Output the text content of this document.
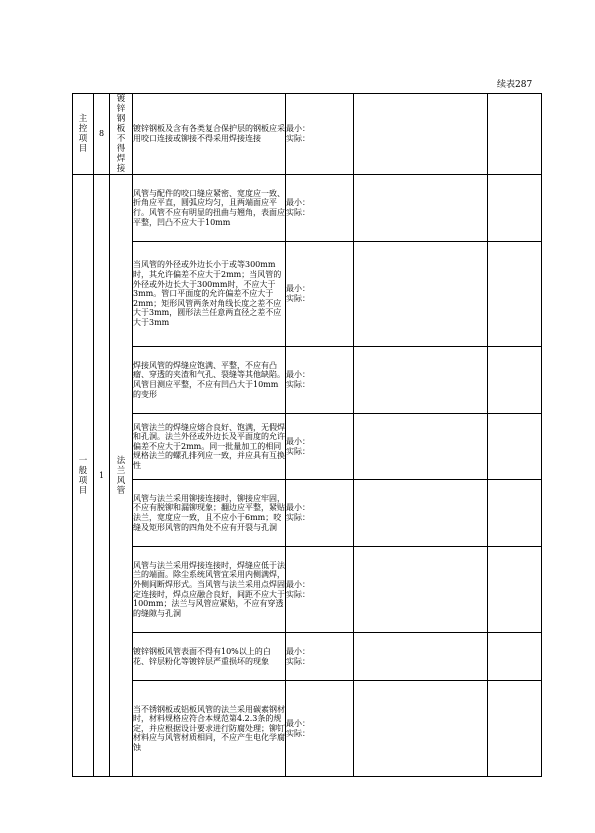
续表287
主控项目	8	镀锌钢板不得焊接	镀锌钢板及含有各类复合保护层的钢板应采用咬口连接或铆接不得采用焊接连接	最小：
实际：		

一般项目	1	法兰风管	风管与配件的咬口缝应紧密、宽度应一致、折角应平直，圆弧应均匀，且两端面应平行。风管不应有明显的扭曲与翘角，表面应平整，凹凸不应大于10mm	最小：
实际：		

			当风管的外径或外边长小于或等300mm时，其允许偏差不应大于2mm；当风管的外径或外边长大于300mm时，不应大于3mm。管口平面度的允许偏差不应大于2mm；矩形风管两条对角线长度之差不应大于3mm，圆形法兰任意两直径之差不应大于3mm	最小：
实际：		

			焊接风管的焊缝应饱满、平整，不应有凸瘤、穿透的夹渣和气孔、裂缝等其他缺陷。风管目测应平整，不应有凹凸大于10mm的变形	最小：
实际：		

			风管法兰的焊缝应熔合良好、饱满，无假焊和孔洞。法兰外径或外边长及平面度的允许偏差不应大于2mm。同一批量加工的相同规格法兰的螺孔排列应一致，并应具有互换性	最小：
实际：		

			风管与法兰采用铆接连接时，铆接应牢固，不应有脱铆和漏铆现象；翻边应平整，紧贴法兰，宽度应一致，且不应小于6mm；咬缝及矩形风管的四角处不应有开裂与孔洞	最小：
实际：		

			风管与法兰采用焊接连接时，焊缝应低于法兰的端面。除尘系统风管宜采用内侧满焊，外侧间断焊形式。当风管与法兰采用点焊固定连接时，焊点应融合良好，间距不应大于100mm；法兰与风管应紧贴，不应有穿透的缝隙与孔洞	最小：
实际：		

			镀锌钢板风管表面不得有10%以上的白花、锌层粉化等镀锌层严重损坏的现象	最小：
实际：		

			当不锈钢板或铝板风管的法兰采用碳素钢材时，材料规格应符合本规范第4.2.3条的规定，并应根据设计要求进行防腐处理；铆钉材料应与风管材质相同，不应产生电化学腐蚀	最小：
实际：		
